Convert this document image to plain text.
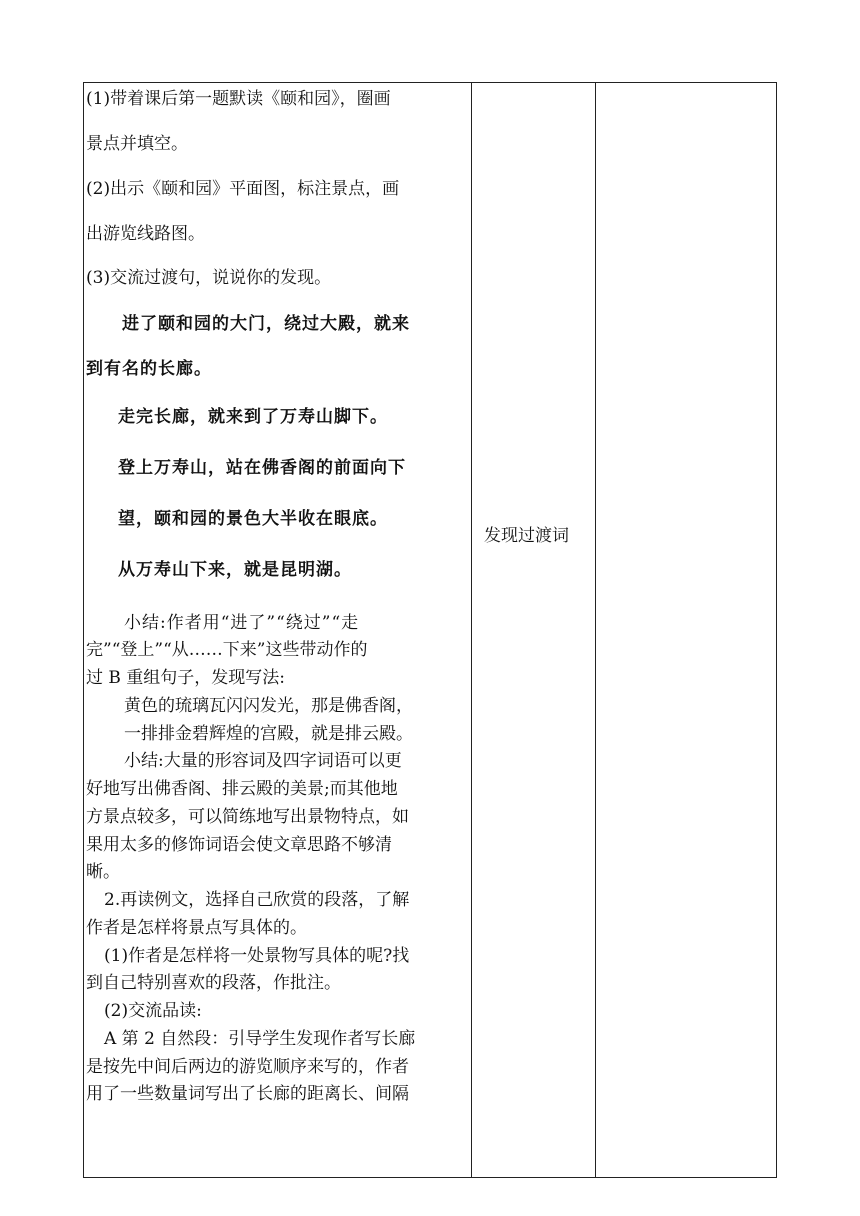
(1)带着课后第一题默读《颐和园》，圈画
景点并填空。
(2)出示《颐和园》平面图，标注景点，画
出游览线路图。
(3)交流过渡句，说说你的发现。
进了颐和园的大门，绕过大殿，就来
到有名的长廊。
走完长廊，就来到了万寿山脚下。
登上万寿山，站在佛香阁的前面向下
望，颐和园的景色大半收在眼底。
从万寿山下来，就是昆明湖。
小结:作者用“进了”“绕过”“走
完”“登上”“从……下来”这些带动作的
过 B 重组句子，发现写法:
黄色的琉璃瓦闪闪发光，那是佛香阁，
一排排金碧辉煌的宫殿，就是排云殿。
小结:大量的形容词及四字词语可以更
好地写出佛香阁、排云殿的美景;而其他地
方景点较多，可以简练地写出景物特点，如
果用太多的修饰词语会使文章思路不够清
晰。
2.再读例文，选择自己欣赏的段落，了解
作者是怎样将景点写具体的。
(1)作者是怎样将一处景物写具体的呢?找
到自己特别喜欢的段落，作批注。
(2)交流品读:
A 第 2 自然段：引导学生发现作者写长廊
是按先中间后两边的游览顺序来写的，作者
用了一些数量词写出了长廊的距离长、间隔
发现过渡词
